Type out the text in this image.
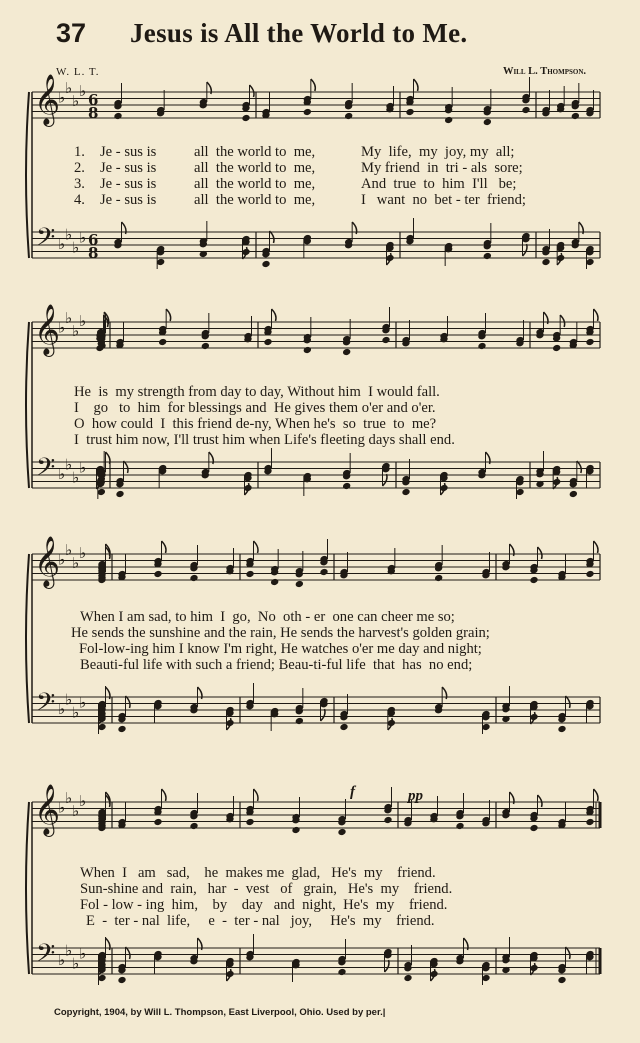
37 Jesus is All the World to Me.
W. L. T.	Will L. Thompson.
𝄞
𝄢
♭
♭
♭
♭
♭
♭
♭
♭
6
8
6
8
1. Je - sus is	all  the world to  me,	My  life,  my  joy, my  all;
2. Je - sus is	all  the world to  me,	My friend  in  tri - als  sore;
3. Je - sus is	all  the world to  me,	And  true  to  him  I'll   be;
4. Je - sus is	all  the world to  me,	I   want  no  bet - ter  friend;
𝄞
𝄢
♭
♭
♭
♭
♭
♭
♭
♭
He  is  my strength from day to day, Without him  I would fall.
I    go   to  him  for blessings and  He gives them o'er and o'er.
O  how could  I  this friend de-ny, When he's  so  true  to  me?
I  trust him now, I'll trust him when Life's fleeting days shall end.
𝄞
𝄢
♭
♭
♭
♭
♭
♭
♭
♭
When I am sad, to him  I  go,  No  oth - er  one can cheer me so;
He sends the sunshine and the rain, He sends the harvest's golden grain;
Fol-low-ing him I know I'm right, He watches o'er me day and night;
Beauti-ful life with such a friend; Beau-ti-ful life  that  has  no end;
𝄞
𝄢
♭
♭
♭
♭
♭
♭
♭
♭
f	pp
When  I   am   sad,    he  makes me  glad,   He's  my    friend.
Sun-shine and  rain,   har  -  vest   of   grain,   He's  my    friend.
Fol - low - ing  him,    by    day   and  night,  He's  my    friend.
E  -  ter - nal  life,     e  -  ter - nal   joy,     He's  my    friend.
Copyright, 1904, by Will L. Thompson, East Liverpool, Ohio. Used by per.|
